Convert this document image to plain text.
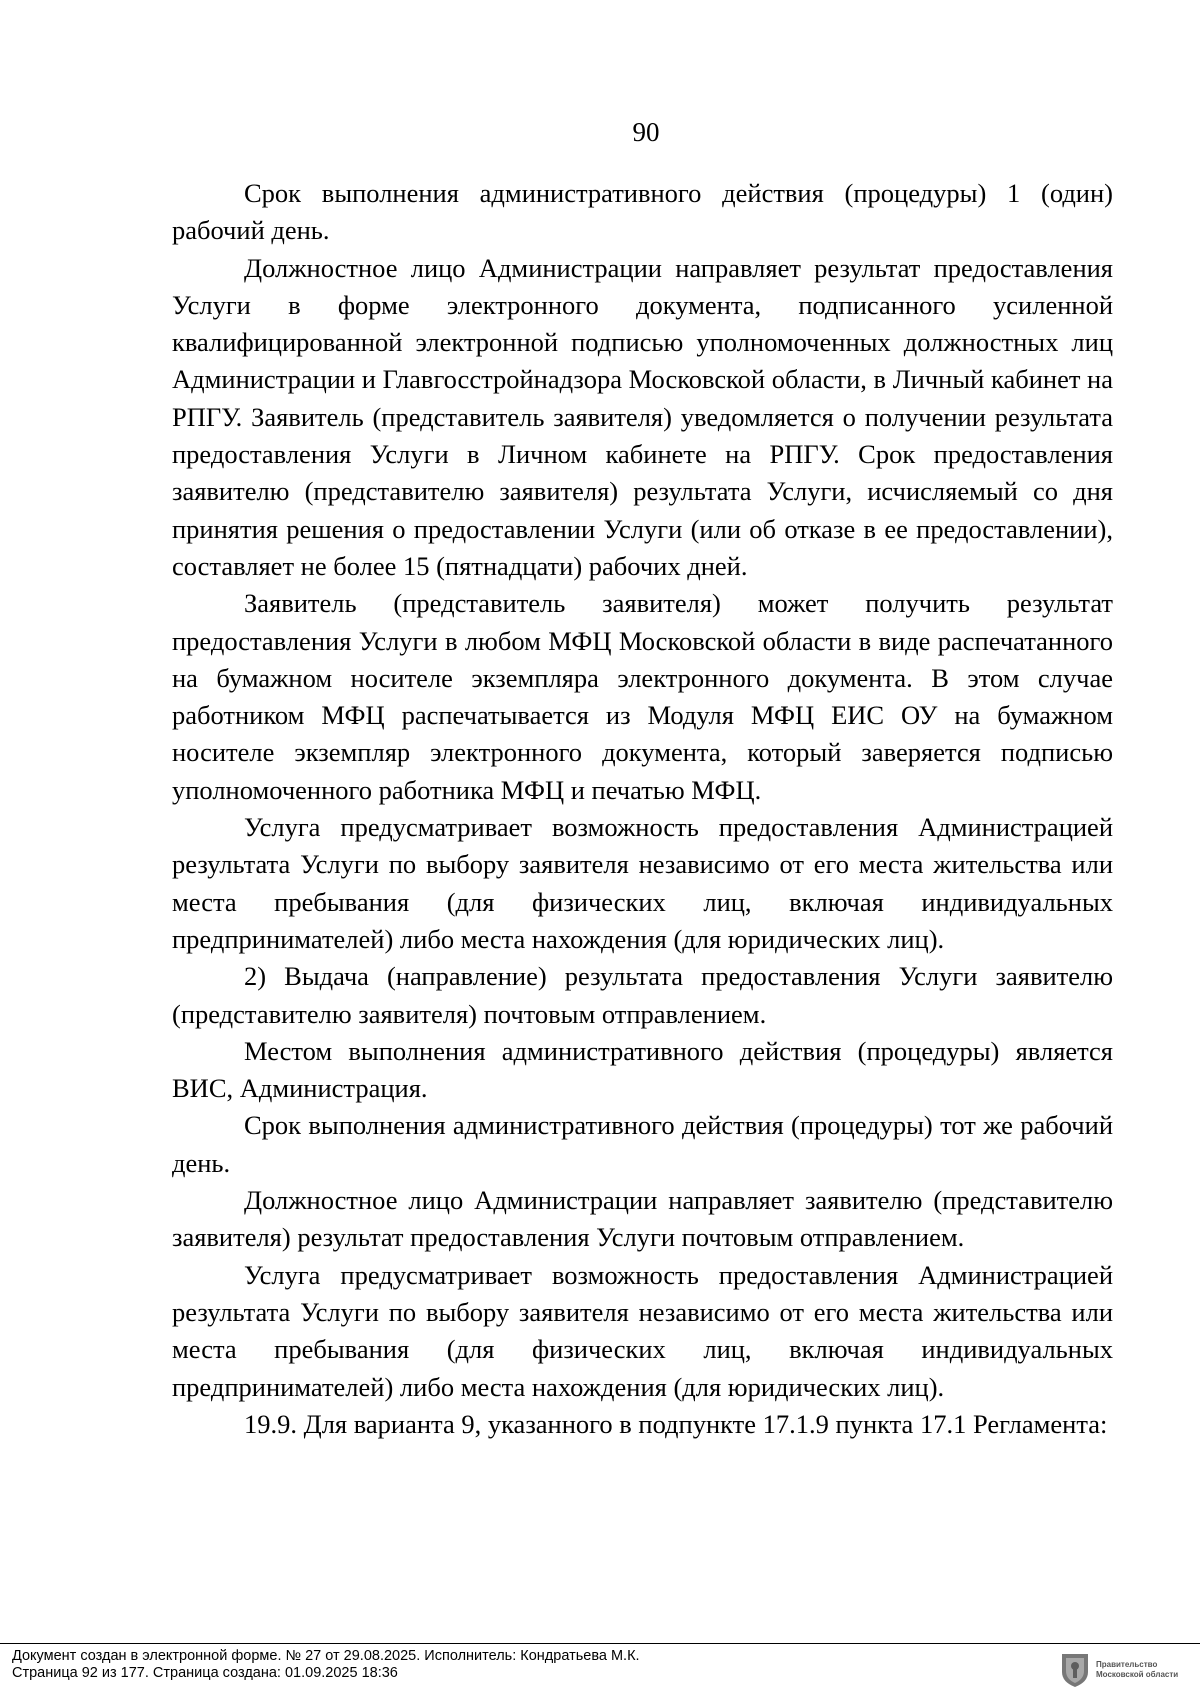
90

Срок выполнения административного действия (процедуры) 1 (один) рабочий день.

Должностное лицо Администрации направляет результат предоставления Услуги в форме электронного документа, подписанного усиленной квалифицированной электронной подписью уполномоченных должностных лиц Администрации и Главгосстройнадзора Московской области, в Личный кабинет на РПГУ. Заявитель (представитель заявителя) уведомляется о получении результата предоставления Услуги в Личном кабинете на РПГУ. Срок предоставления заявителю (представителю заявителя) результата Услуги, исчисляемый со дня принятия решения о предоставлении Услуги (или об отказе в ее предоставлении), составляет не более 15 (пятнадцати) рабочих дней.

Заявитель (представитель заявителя) может получить результат предоставления Услуги в любом МФЦ Московской области в виде распечатанного на бумажном носителе экземпляра электронного документа. В этом случае работником МФЦ распечатывается из Модуля МФЦ ЕИС ОУ на бумажном носителе экземпляр электронного документа, который заверяется подписью уполномоченного работника МФЦ и печатью МФЦ.

Услуга предусматривает возможность предоставления Администрацией результата Услуги по выбору заявителя независимо от его места жительства или места пребывания (для физических лиц, включая индивидуальных предпринимателей) либо места нахождения (для юридических лиц).

2) Выдача (направление) результата предоставления Услуги заявителю (представителю заявителя) почтовым отправлением.

Местом выполнения административного действия (процедуры) является ВИС, Администрация.

Срок выполнения административного действия (процедуры) тот же рабочий день.

Должностное лицо Администрации направляет заявителю (представителю заявителя) результат предоставления Услуги почтовым отправлением.

Услуга предусматривает возможность предоставления Администрацией результата Услуги по выбору заявителя независимо от его места жительства или места пребывания (для физических лиц, включая индивидуальных предпринимателей) либо места нахождения (для юридических лиц).

19.9. Для варианта 9, указанного в подпункте 17.1.9 пункта 17.1 Регламента:

Документ создан в электронной форме. № 27 от 29.08.2025. Исполнитель: Кондратьева М.К.
Страница 92 из 177. Страница создана: 01.09.2025 18:36
Правительство
Московской области
